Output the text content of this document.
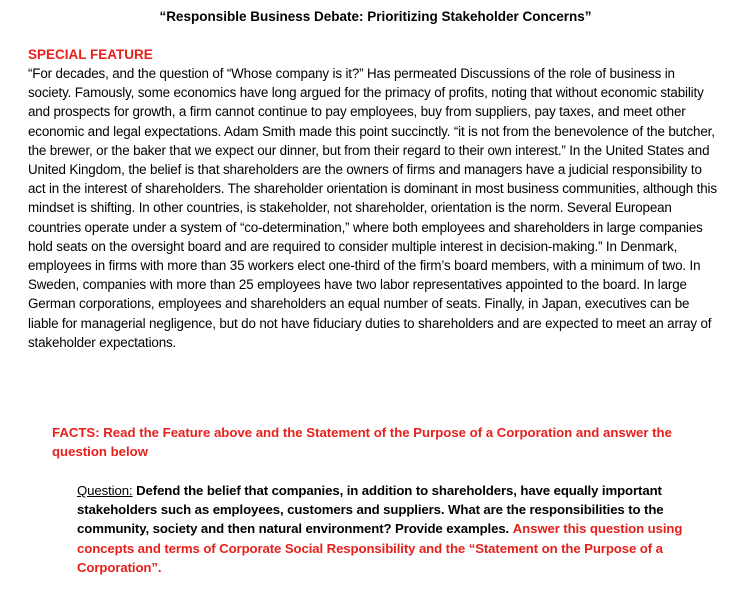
“Responsible Business Debate: Prioritizing Stakeholder Concerns”
SPECIAL FEATURE

“For decades, and the question of “Whose company is it?” Has permeated Discussions of the role of business in society. Famously, some economics have long argued for the primacy of profits, noting that without economic stability and prospects for growth, a firm cannot continue to pay employees, buy from suppliers, pay taxes, and meet other economic and legal expectations. Adam Smith made this point succinctly. “it is not from the benevolence of the butcher, the brewer, or the baker that we expect our dinner, but from their regard to their own interest.” In the United States and United Kingdom, the belief is that shareholders are the owners of firms and managers have a judicial responsibility to act in the interest of shareholders. The shareholder orientation is dominant in most business communities, although this mindset is shifting. In other countries, is stakeholder, not shareholder, orientation is the norm. Several European countries operate under a system of “co-determination,” where both employees and shareholders in large companies hold seats on the oversight board and are required to consider multiple interest in decision-making.” In Denmark, employees in firms with more than 35 workers elect one-third of the firm’s board members, with a minimum of two. In Sweden, companies with more than 25 employees have two labor representatives appointed to the board. In large German corporations, employees and shareholders an equal number of seats. Finally, in Japan, executives can be liable for managerial negligence, but do not have fiduciary duties to shareholders and are expected to meet an array of stakeholder expectations.

FACTS: Read the Feature above and the Statement of the Purpose of a Corporation and answer the question below

Question: Defend the belief that companies, in addition to shareholders, have equally important stakeholders such as employees, customers and suppliers. What are the responsibilities to the community, society and then natural environment? Provide examples. Answer this question using concepts and terms of Corporate Social Responsibility and the “Statement on the Purpose of a Corporation”.
